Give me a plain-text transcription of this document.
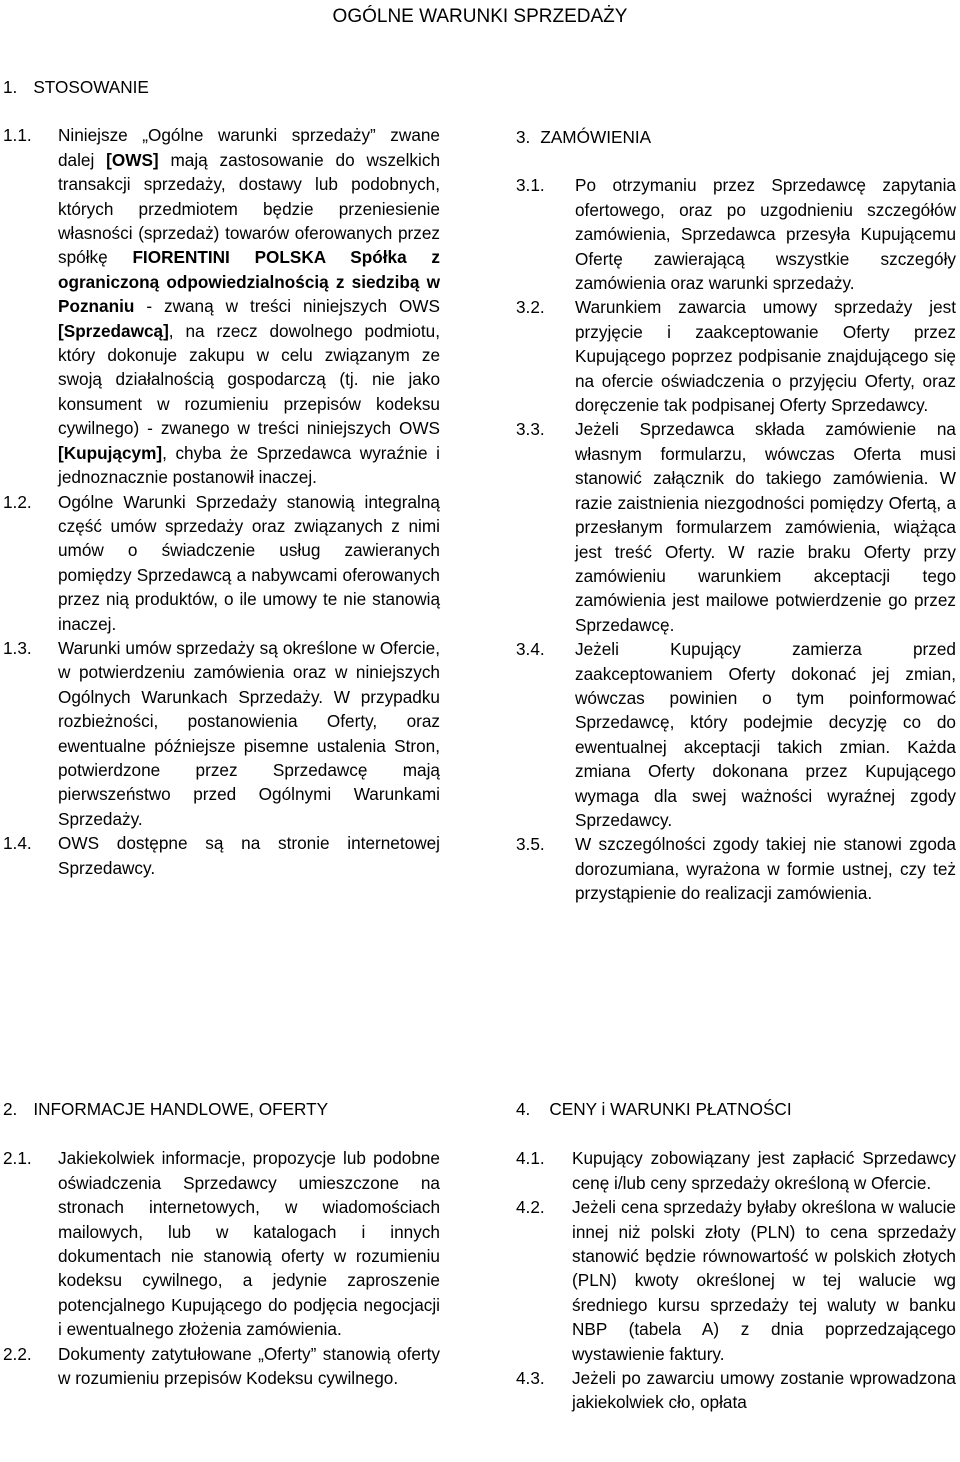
OGÓLNE WARUNKI SPRZEDAŻY
1. STOSOWANIE
1.1.	Niniejsze „Ogólne warunki sprzedaży” zwane dalej [OWS] mają zastosowanie do wszelkich transakcji sprzedaży, dostawy lub podobnych, których przedmiotem będzie przeniesienie własności (sprzedaż) towarów oferowanych przez spółkę FIORENTINI POLSKA Spółka z ograniczoną odpowiedzialnością z siedzibą w Poznaniu - zwaną w treści niniejszych OWS [Sprzedawcą], na rzecz dowolnego podmiotu, który dokonuje zakupu w celu związanym ze swoją działalnością gospodarczą (tj. nie jako konsument w rozumieniu przepisów kodeksu cywilnego) - zwanego w treści niniejszych OWS [Kupującym], chyba że Sprzedawca wyraźnie i jednoznacznie postanowił inaczej.
1.2.	Ogólne Warunki Sprzedaży stanowią integralną część umów sprzedaży oraz związanych z nimi umów o świadczenie usług zawieranych pomiędzy Sprzedawcą a nabywcami oferowanych przez nią produktów, o ile umowy te nie stanowią inaczej.
1.3.	Warunki umów sprzedaży są określone w Ofercie, w potwierdzeniu zamówienia oraz w niniejszych Ogólnych Warunkach Sprzedaży. W przypadku rozbieżności, postanowienia Oferty, oraz ewentualne późniejsze pisemne ustalenia Stron, potwierdzone przez Sprzedawcę mają pierwszeństwo przed Ogólnymi Warunkami Sprzedaży.
1.4.	OWS dostępne są na stronie internetowej Sprzedawcy.
3. ZAMÓWIENIA
3.1.	Po otrzymaniu przez Sprzedawcę zapytania ofertowego, oraz po uzgodnieniu szczegółów zamówienia, Sprzedawca przesyła Kupującemu Ofertę zawierającą wszystkie szczegóły zamówienia oraz warunki sprzedaży.
3.2.	Warunkiem zawarcia umowy sprzedaży jest przyjęcie i zaakceptowanie Oferty przez Kupującego poprzez podpisanie znajdującego się na ofercie oświadczenia o przyjęciu Oferty, oraz doręczenie tak podpisanej Oferty Sprzedawcy.
3.3.	Jeżeli Sprzedawca składa zamówienie na własnym formularzu, wówczas Oferta musi stanowić załącznik do takiego zamówienia. W razie zaistnienia niezgodności pomiędzy Ofertą, a przesłanym formularzem zamówienia, wiążąca jest treść Oferty. W razie braku Oferty przy zamówieniu warunkiem akceptacji tego zamówienia jest mailowe potwierdzenie go przez Sprzedawcę.
3.4.	Jeżeli Kupujący zamierza przed zaakceptowaniem Oferty dokonać jej zmian, wówczas powinien o tym poinformować Sprzedawcę, który podejmie decyzję co do ewentualnej akceptacji takich zmian. Każda zmiana Oferty dokonana przez Kupującego wymaga dla swej ważności wyraźnej zgody Sprzedawcy.
3.5.	W szczególności zgody takiej nie stanowi zgoda dorozumiana, wyrażona w formie ustnej, czy też przystąpienie do realizacji zamówienia.
2. INFORMACJE HANDLOWE, OFERTY
2.1.	Jakiekolwiek informacje, propozycje lub podobne oświadczenia Sprzedawcy umieszczone na stronach internetowych, w wiadomościach mailowych, lub w katalogach i innych dokumentach nie stanowią oferty w rozumieniu kodeksu cywilnego, a jedynie zaproszenie potencjalnego Kupującego do podjęcia negocjacji i ewentualnego złożenia zamówienia.
2.2.	Dokumenty zatytułowane „Oferty” stanowią oferty w rozumieniu przepisów Kodeksu cywilnego.
4. CENY i WARUNKI PŁATNOŚCI
4.1.	Kupujący zobowiązany jest zapłacić Sprzedawcy cenę i/lub ceny sprzedaży określoną w Ofercie.
4.2.	Jeżeli cena sprzedaży byłaby określona w walucie innej niż polski złoty (PLN) to cena sprzedaży stanowić będzie równowartość w polskich złotych (PLN) kwoty określonej w tej walucie wg średniego kursu sprzedaży tej waluty w banku NBP (tabela A) z dnia poprzedzającego wystawienie faktury.
4.3.	Jeżeli po zawarciu umowy zostanie wprowadzona jakiekolwiek cło, opłata
